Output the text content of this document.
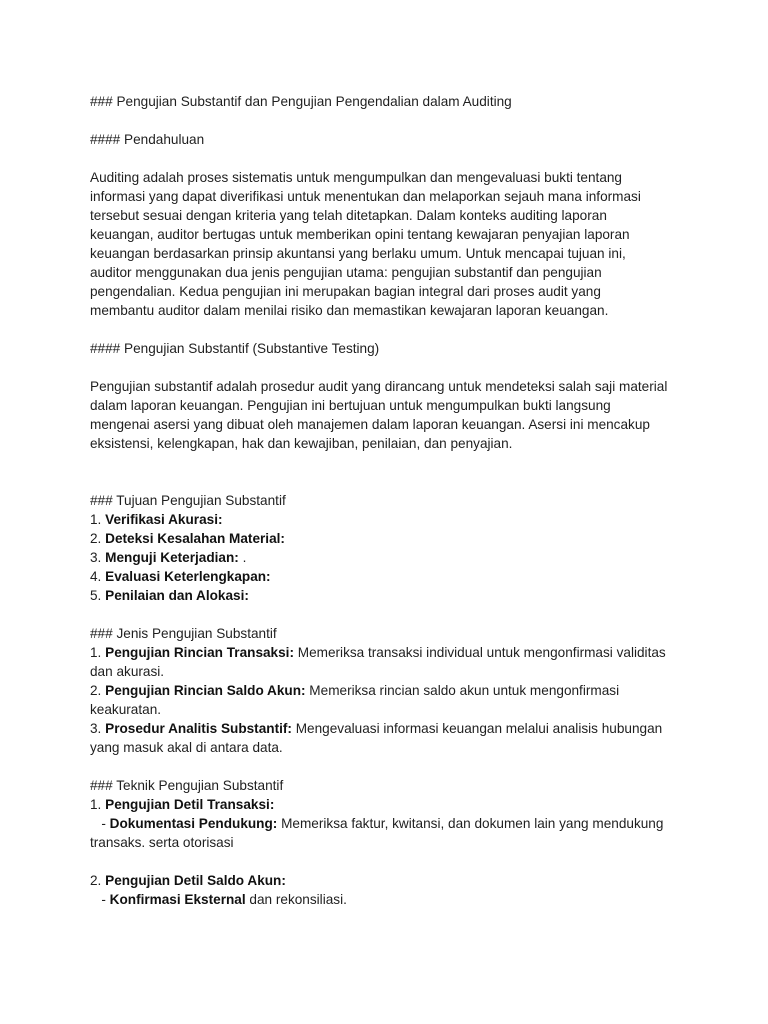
### Pengujian Substantif dan Pengujian Pengendalian dalam Auditing

#### Pendahuluan

Auditing adalah proses sistematis untuk mengumpulkan dan mengevaluasi bukti tentang

informasi yang dapat diverifikasi untuk menentukan dan melaporkan sejauh mana informasi

tersebut sesuai dengan kriteria yang telah ditetapkan. Dalam konteks auditing laporan

keuangan, auditor bertugas untuk memberikan opini tentang kewajaran penyajian laporan

keuangan berdasarkan prinsip akuntansi yang berlaku umum. Untuk mencapai tujuan ini,

auditor menggunakan dua jenis pengujian utama: pengujian substantif dan pengujian

pengendalian. Kedua pengujian ini merupakan bagian integral dari proses audit yang

membantu auditor dalam menilai risiko dan memastikan kewajaran laporan keuangan.

#### Pengujian Substantif (Substantive Testing)

Pengujian substantif adalah prosedur audit yang dirancang untuk mendeteksi salah saji material

dalam laporan keuangan. Pengujian ini bertujuan untuk mengumpulkan bukti langsung

mengenai asersi yang dibuat oleh manajemen dalam laporan keuangan. Asersi ini mencakup

eksistensi, kelengkapan, hak dan kewajiban, penilaian, dan penyajian.

### Tujuan Pengujian Substantif

1. Verifikasi Akurasi:

2. Deteksi Kesalahan Material:

3. Menguji Keterjadian: .

4. Evaluasi Keterlengkapan:

5. Penilaian dan Alokasi:

### Jenis Pengujian Substantif

1. Pengujian Rincian Transaksi: Memeriksa transaksi individual untuk mengonfirmasi validitas

dan akurasi.

2. Pengujian Rincian Saldo Akun: Memeriksa rincian saldo akun untuk mengonfirmasi

keakuratan.

3. Prosedur Analitis Substantif: Mengevaluasi informasi keuangan melalui analisis hubungan

yang masuk akal di antara data.

### Teknik Pengujian Substantif

1. Pengujian Detil Transaksi:

- Dokumentasi Pendukung: Memeriksa faktur, kwitansi, dan dokumen lain yang mendukung

transaks. serta otorisasi

2. Pengujian Detil Saldo Akun:

- Konfirmasi Eksternal dan rekonsiliasi.
